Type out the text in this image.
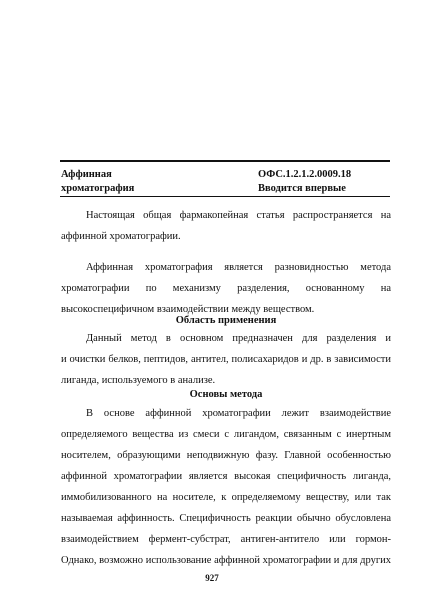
Аффинная
хроматография
ОФС.1.2.1.2.0009.18
Вводится впервые
Настоящая общая фармакопейная статья распространяется на
аффинной хроматографии.
Аффинная хроматография является разновидностью метода
хроматографии по механизму разделения, основанному на
высокоспецифичном взаимодействии между веществом.
Область применения
Данный метод в основном предназначен для разделения и
и очистки белков, пептидов, антител, полисахаридов и др. в зависимости
лиганда, используемого в анализе.
Основы метода
В основе аффинной хроматографии лежит взаимодействие
определяемого вещества из смеси с лигандом, связанным с инертным
носителем, образующими неподвижную фазу. Главной особенностью
аффинной хроматографии является высокая специфичность лиганда,
иммобилизованного на носителе, к определяемому веществу, или так
называемая аффинность. Специфичность реакции обычно обусловлена
взаимодействием фермент-субстрат, антиген-антитело или гормон-
Однако, возможно использование аффинной хроматографии и для других
927
